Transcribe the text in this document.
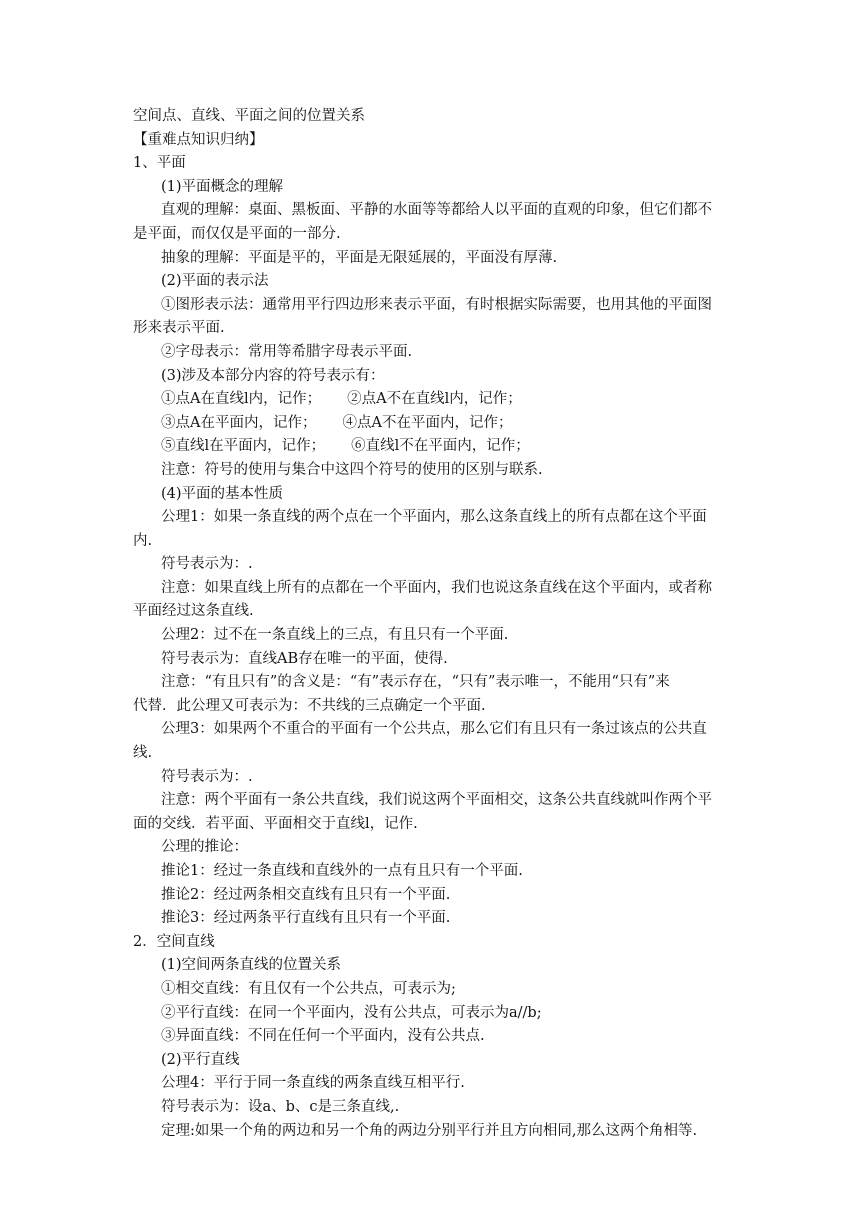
空间点、直线、平面之间的位置关系
【重难点知识归纳】
1、平面
(1)平面概念的理解
直观的理解：桌面、黑板面、平静的水面等等都给人以平面的直观的印象，但它们都不
是平面，而仅仅是平面的一部分.
抽象的理解：平面是平的，平面是无限延展的，平面没有厚薄.
(2)平面的表示法
①图形表示法：通常用平行四边形来表示平面，有时根据实际需要，也用其他的平面图
形来表示平面.
②字母表示：常用等希腊字母表示平面.
(3)涉及本部分内容的符号表示有：
①点A在直线l内，记作； ②点A不在直线l内，记作；
③点A在平面内，记作； ④点A不在平面内，记作；
⑤直线l在平面内，记作； ⑥直线l不在平面内，记作；
注意：符号的使用与集合中这四个符号的使用的区别与联系.
(4)平面的基本性质
公理1：如果一条直线的两个点在一个平面内，那么这条直线上的所有点都在这个平面
内.
符号表示为：.
注意：如果直线上所有的点都在一个平面内，我们也说这条直线在这个平面内，或者称
平面经过这条直线.
公理2：过不在一条直线上的三点，有且只有一个平面.
符号表示为：直线AB存在唯一的平面，使得.
注意：“有且只有”的含义是：“有”表示存在，“只有”表示唯一，不能用“只有”来
代替．此公理又可表示为：不共线的三点确定一个平面.
公理3：如果两个不重合的平面有一个公共点，那么它们有且只有一条过该点的公共直
线.
符号表示为：.
注意：两个平面有一条公共直线，我们说这两个平面相交，这条公共直线就叫作两个平
面的交线．若平面、平面相交于直线l，记作.
公理的推论：
推论1：经过一条直线和直线外的一点有且只有一个平面.
推论2：经过两条相交直线有且只有一个平面.
推论3：经过两条平行直线有且只有一个平面.
2．空间直线
(1)空间两条直线的位置关系
①相交直线：有且仅有一个公共点，可表示为;
②平行直线：在同一个平面内，没有公共点，可表示为a//b;
③异面直线：不同在任何一个平面内，没有公共点.
(2)平行直线
公理4：平行于同一条直线的两条直线互相平行.
符号表示为：设a、b、c是三条直线,.
定理:如果一个角的两边和另一个角的两边分别平行并且方向相同,那么这两个角相等.
